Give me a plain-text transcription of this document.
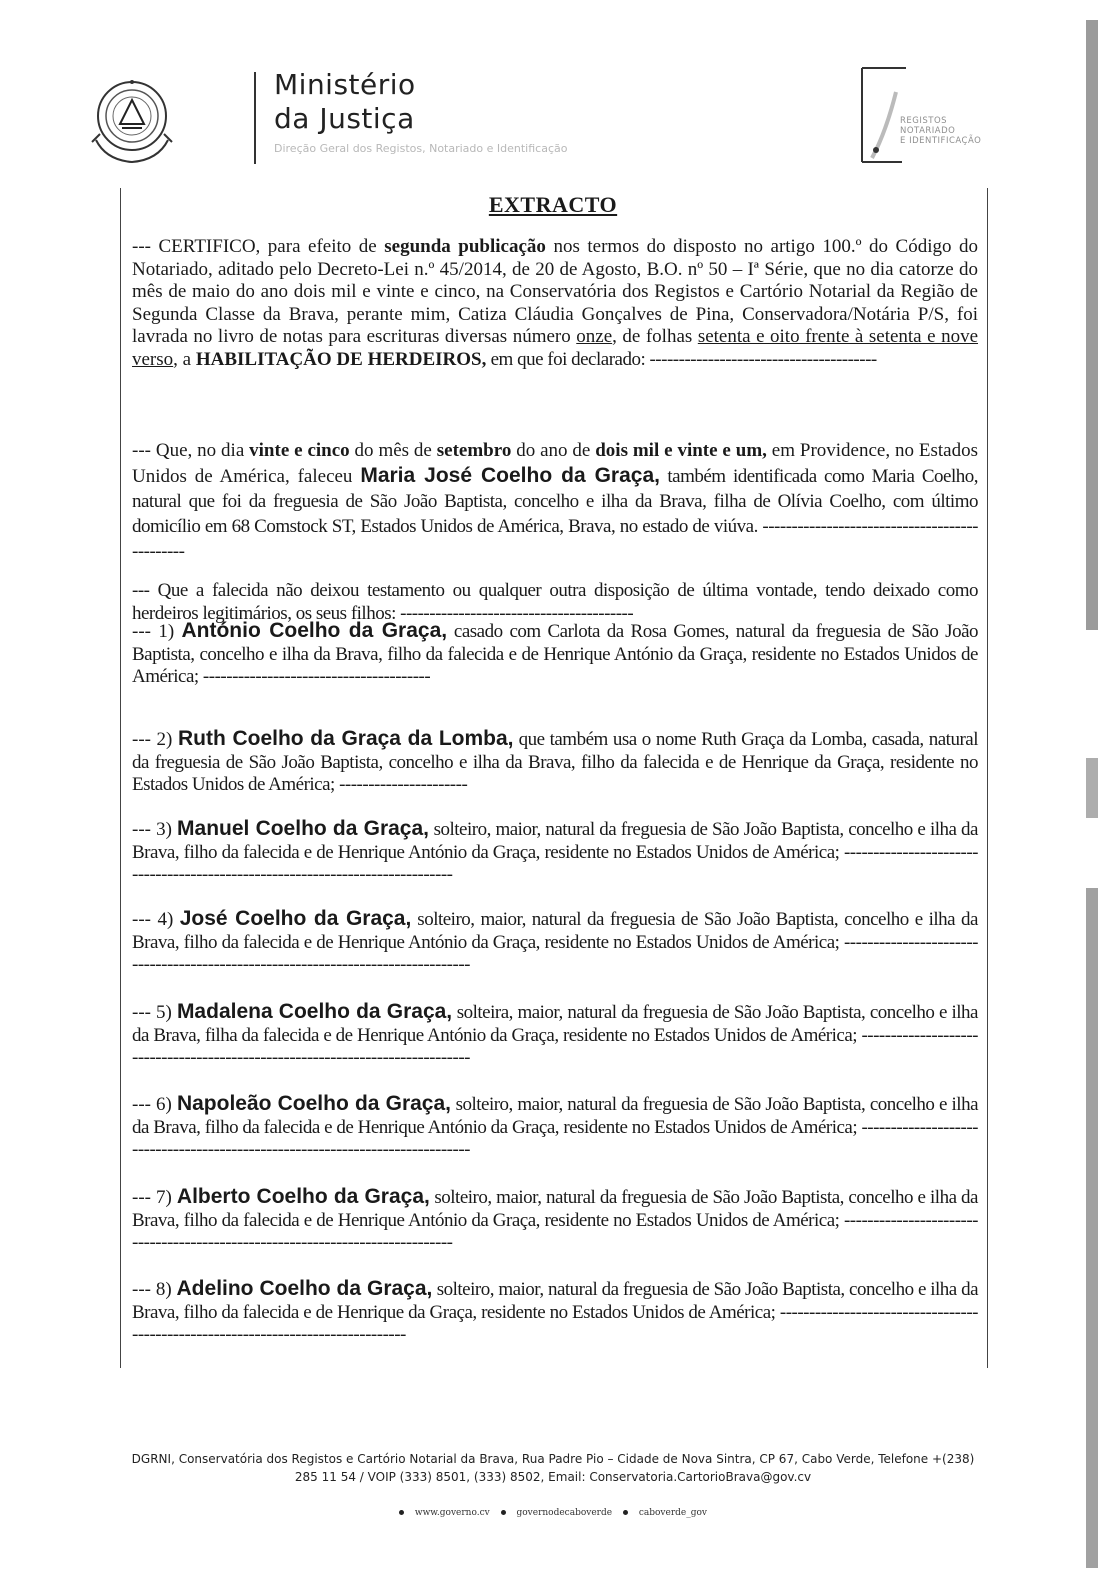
Ministério
da Justiça
Direção Geral dos Registos, Notariado e Identificação
REGISTOS
NOTARIADO
E IDENTIFICAÇÃO
EXTRACTO

--- CERTIFICO, para efeito de segunda publicação nos termos do disposto no artigo 100.º do Código do Notariado, aditado pelo Decreto-Lei n.º 45/2014, de 20 de Agosto, B.O. nº 50 – Iª Série, que no dia catorze do mês de maio do ano dois mil e vinte e cinco, na Conservatória dos Registos e Cartório Notarial da Região de Segunda Classe da Brava, perante mim, Catiza Cláudia Gonçalves de Pina, Conservadora/Notária P/S, foi lavrada no livro de notas para escrituras diversas número onze, de folhas setenta e oito frente à setenta e nove verso, a HABILITAÇÃO DE HERDEIROS, em que foi declarado: ---------------------------------------

--- Que, no dia vinte e cinco do mês de setembro do ano de dois mil e vinte e um, em Providence, no Estados Unidos de América, faleceu Maria José Coelho da Graça, também identificada como Maria Coelho, natural que foi da freguesia de São João Baptista, concelho e ilha da Brava, filha de Olívia Coelho, com último domicílio em 68 Comstock ST, Estados Unidos de América, Brava, no estado de viúva. ----------------------------------------------

--- Que a falecida não deixou testamento ou qualquer outra disposição de última vontade, tendo deixado como herdeiros legitimários, os seus filhos: ----------------------------------------

--- 1) António Coelho da Graça, casado com Carlota da Rosa Gomes, natural da freguesia de São João Baptista, concelho e ilha da Brava, filho da falecida e de Henrique António da Graça, residente no Estados Unidos de América; ---------------------------------------

--- 2) Ruth Coelho da Graça da Lomba, que também usa o nome Ruth Graça da Lomba, casada, natural da freguesia de São João Baptista, concelho e ilha da Brava, filho da falecida e de Henrique da Graça, residente no Estados Unidos de América; ----------------------

--- 3) Manuel Coelho da Graça, solteiro, maior, natural da freguesia de São João Baptista, concelho e ilha da Brava, filho da falecida e de Henrique António da Graça, residente no Estados Unidos de América; ------------------------------------------------------------------------------

--- 4) José Coelho da Graça, solteiro, maior, natural da freguesia de São João Baptista, concelho e ilha da Brava, filho da falecida e de Henrique António da Graça, residente no Estados Unidos de América; ---------------------------------------------------------------------------------

--- 5) Madalena Coelho da Graça, solteira, maior, natural da freguesia de São João Baptista, concelho e ilha da Brava, filha da falecida e de Henrique António da Graça, residente no Estados Unidos de América; ------------------------------------------------------------------------------

--- 6) Napoleão Coelho da Graça, solteiro, maior, natural da freguesia de São João Baptista, concelho e ilha da Brava, filho da falecida e de Henrique António da Graça, residente no Estados Unidos de América; ------------------------------------------------------------------------------

--- 7) Alberto Coelho da Graça, solteiro, maior, natural da freguesia de São João Baptista, concelho e ilha da Brava, filho da falecida e de Henrique António da Graça, residente no Estados Unidos de América; ------------------------------------------------------------------------------

--- 8) Adelino Coelho da Graça, solteiro, maior, natural da freguesia de São João Baptista, concelho e ilha da Brava, filho da falecida e de Henrique da Graça, residente no Estados Unidos de América; ---------------------------------------------------------------------------------

DGRNI, Conservatória dos Registos e Cartório Notarial da Brava, Rua Padre Pio – Cidade de Nova Sintra, CP 67, Cabo Verde, Telefone +(238)
285 11 54 / VOIP (333) 8501, (333) 8502, Email: Conservatoria.CartorioBrava@gov.cv
www.governo.cv	governodecaboverde	caboverde_gov
